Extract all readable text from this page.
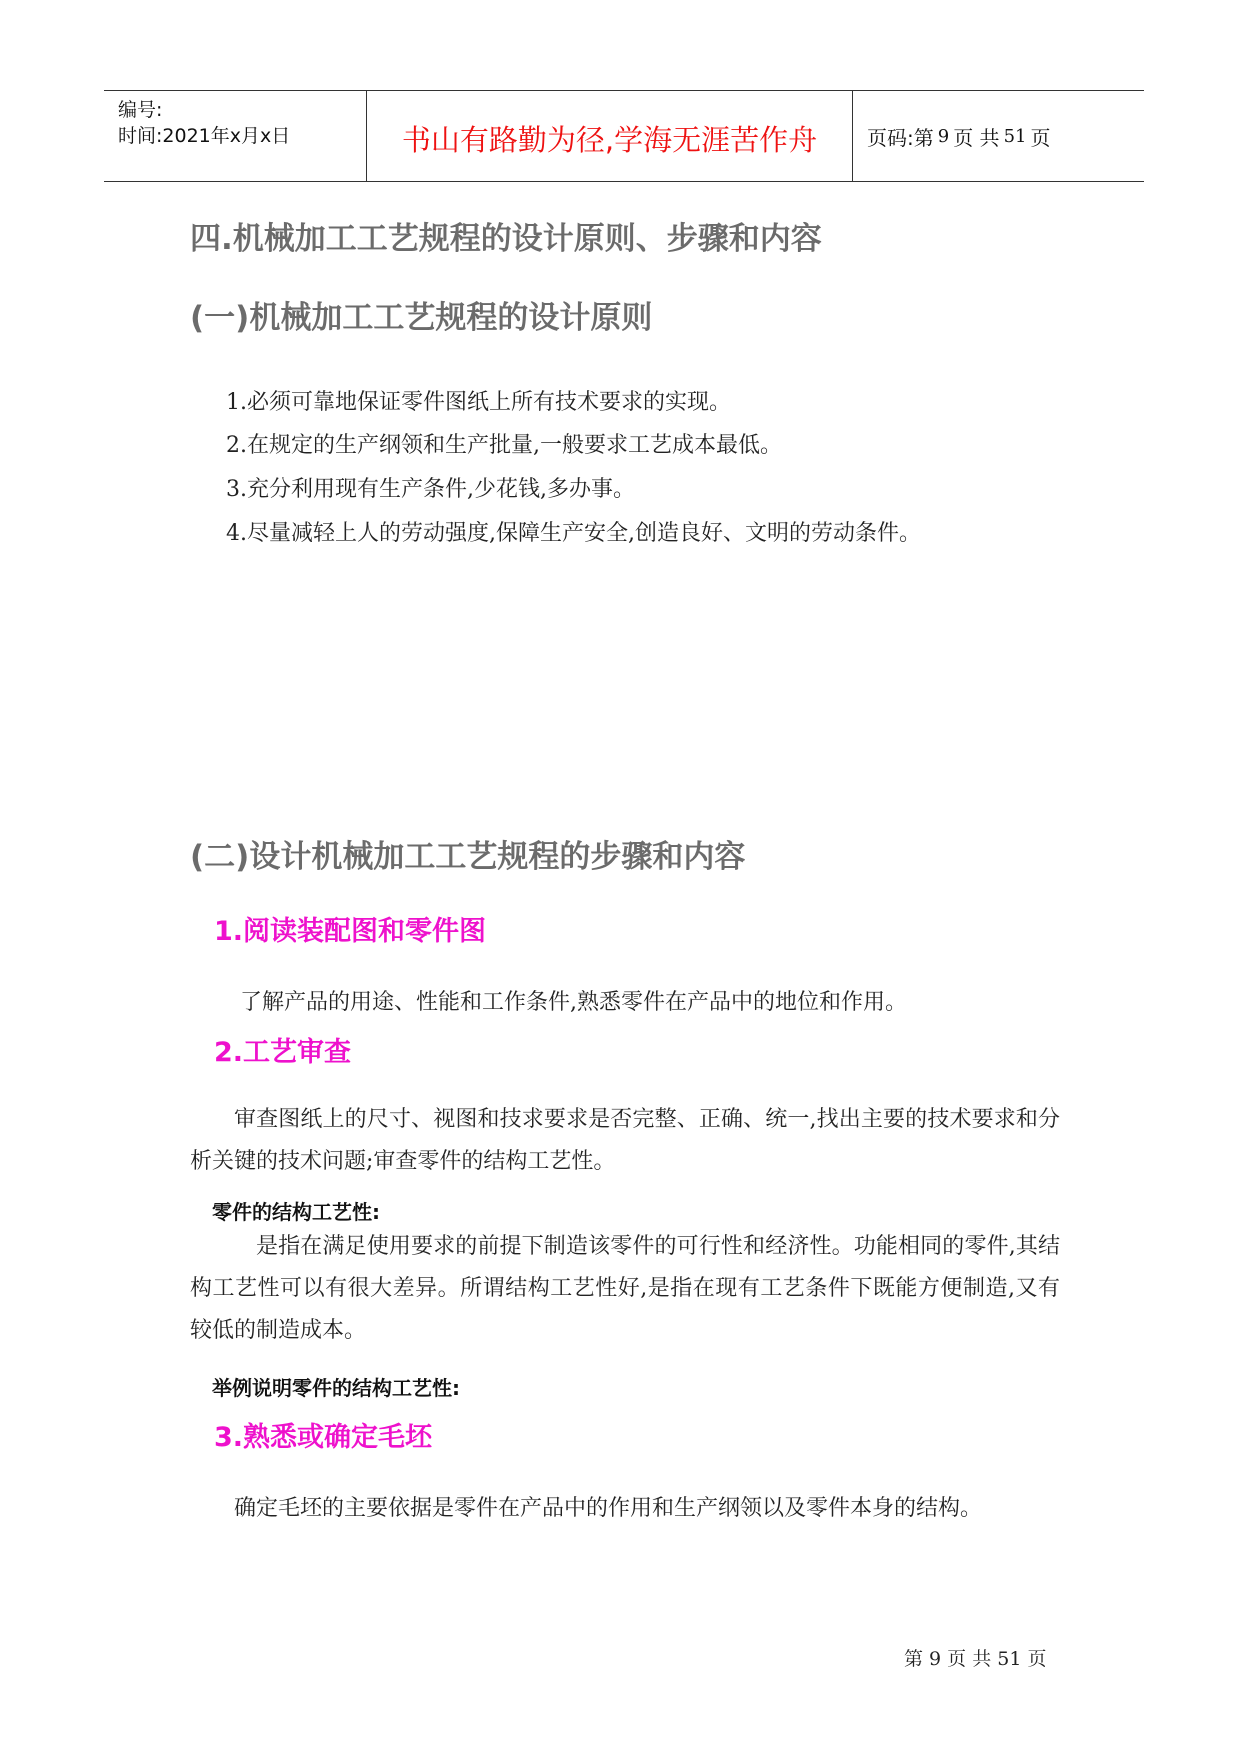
编号:
时间:2021年x月x日	书山有路勤为径,学海无涯苦作舟 页码:第 9 页 共 51 页
四.机械加工工艺规程的设计原则、步骤和内容
(一)机械加工工艺规程的设计原则
1.必须可靠地保证零件图纸上所有技术要求的实现。
2.在规定的生产纲领和生产批量,一般要求工艺成本最低。
3.充分利用现有生产条件,少花钱,多办事。
4.尽量减轻上人的劳动强度,保障生产安全,创造良好、文明的劳动条件。
(二)设计机械加工工艺规程的步骤和内容
1.阅读装配图和零件图
了解产品的用途、性能和工作条件,熟悉零件在产品中的地位和作用。
2.工艺审查
审查图纸上的尺寸、视图和技求要求是否完整、正确、统一,找出主要的技术要求和分析关键的技术问题;审查零件的结构工艺性。
零件的结构工艺性:
是指在满足使用要求的前提下制造该零件的可行性和经济性。功能相同的零件,其结构工艺性可以有很大差异。所谓结构工艺性好,是指在现有工艺条件下既能方便制造,又有较低的制造成本。
举例说明零件的结构工艺性:
3.熟悉或确定毛坯
确定毛坯的主要依据是零件在产品中的作用和生产纲领以及零件本身的结构。
第 9 页 共 51 页
